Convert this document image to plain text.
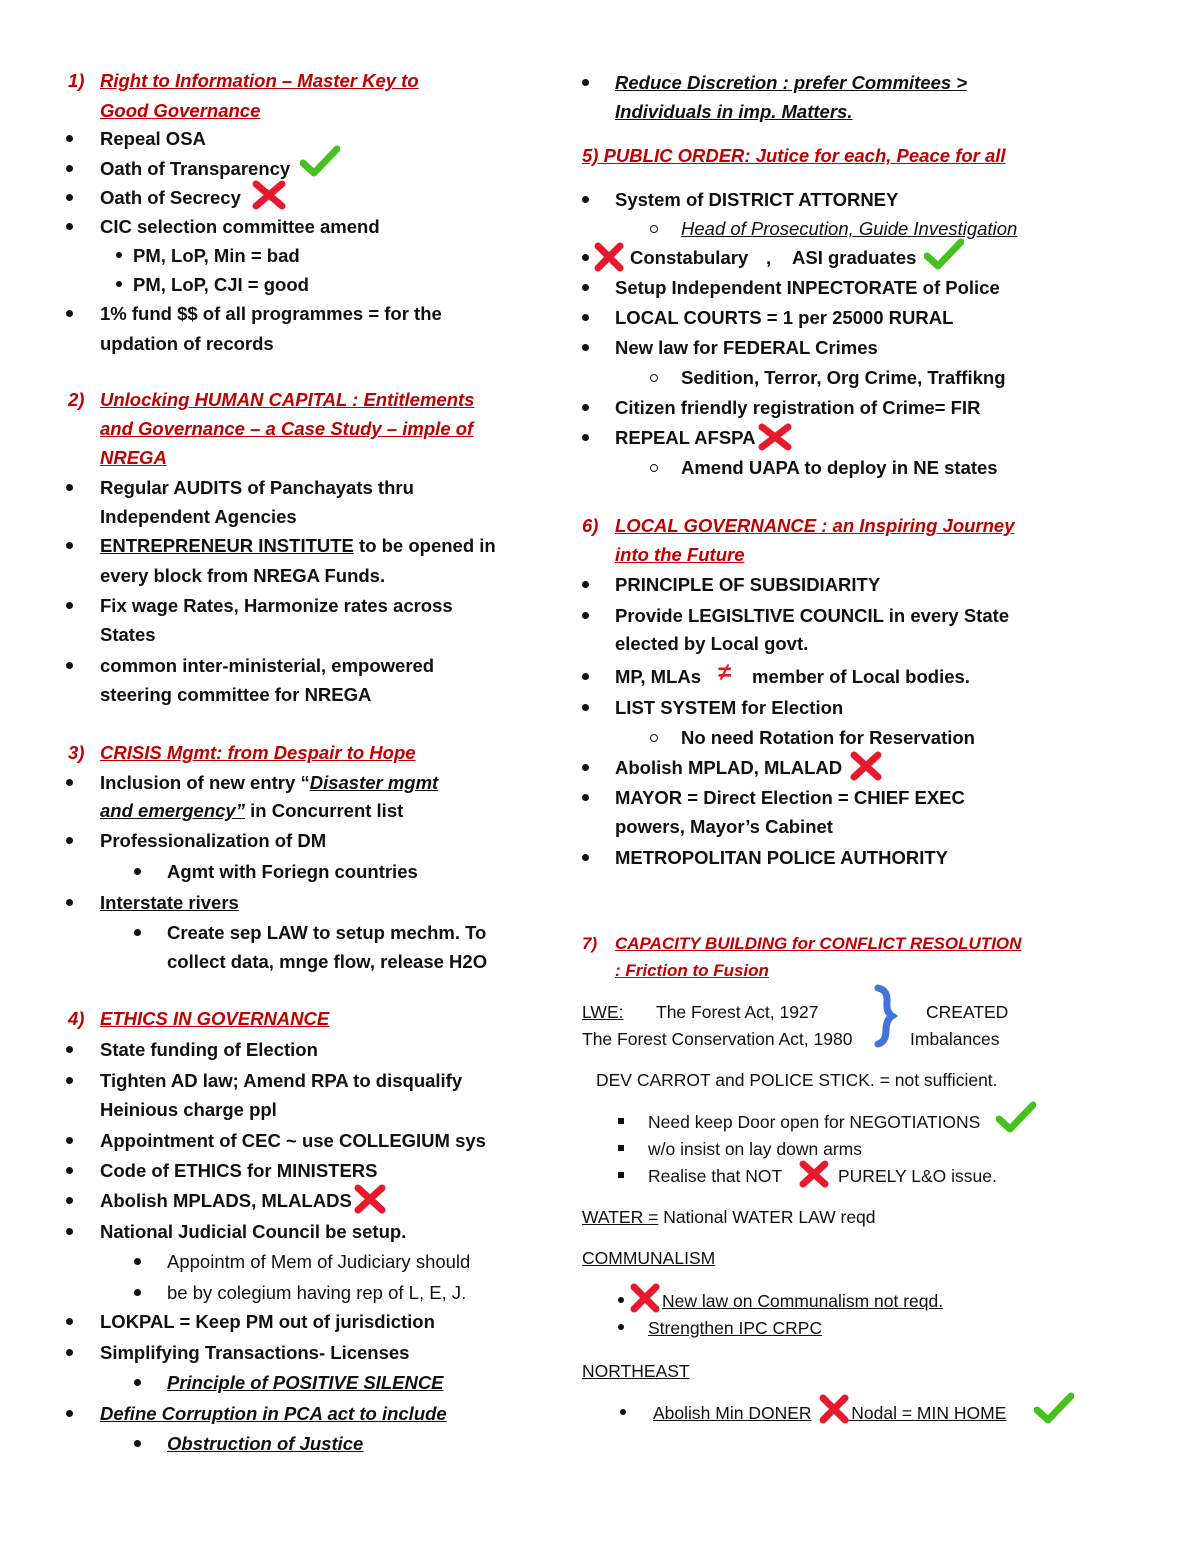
1) Right to Information – Master Key to
Good Governance
Repeal OSA
Oath of Transparency
Oath of Secrecy
CIC selection committee amend
PM, LoP, Min = bad
PM, LoP, CJI = good
1% fund $$ of all programmes = for the
updation of records
2) Unlocking HUMAN CAPITAL : Entitlements
and Governance – a Case Study – imple of
NREGA
Regular AUDITS of Panchayats thru
Independent Agencies
ENTREPRENEUR INSTITUTE to be opened in
every block from NREGA Funds.
Fix wage Rates, Harmonize rates across
States
common inter-ministerial, empowered
steering committee for NREGA
3) CRISIS Mgmt: from Despair to Hope
Inclusion of new entry “Disaster mgmt
and emergency” in Concurrent list
Professionalization of DM
Agmt with Foriegn countries
Interstate rivers
Create sep LAW to setup mechm. To
collect data, mnge flow, release H2O
4) ETHICS IN GOVERNANCE
State funding of Election
Tighten AD law; Amend RPA to disqualify
Heinious charge ppl
Appointment of CEC ~ use COLLEGIUM sys
Code of ETHICS for MINISTERS
Abolish MPLADS, MLALADS
National Judicial Council be setup.
Appointm of Mem of Judiciary should
be by colegium having rep of L, E, J.
LOKPAL = Keep PM out of jurisdiction
Simplifying Transactions- Licenses
Principle of POSITIVE SILENCE
Define Corruption in PCA act to include
Obstruction of Justice
Reduce Discretion : prefer Commitees >
Individuals in imp. Matters.
5) PUBLIC ORDER: Jutice for each, Peace for all
System of DISTRICT ATTORNEY
Head of Prosecution, Guide Investigation
Constabulary , ASI graduates
Setup Independent INPECTORATE of Police
LOCAL COURTS = 1 per 25000 RURAL
New law for FEDERAL Crimes
Sedition, Terror, Org Crime, Traffikng
Citizen friendly registration of Crime= FIR
REPEAL AFSPA
Amend UAPA to deploy in NE states
6) LOCAL GOVERNANCE : an Inspiring Journey
into the Future
PRINCIPLE OF SUBSIDIARITY
Provide LEGISLTIVE COUNCIL in every State
elected by Local govt.
MP, MLAs ≠ member of Local bodies.
LIST SYSTEM for Election
No need Rotation for Reservation
Abolish MPLAD, MLALAD
MAYOR = Direct Election = CHIEF EXEC
powers, Mayor’s Cabinet
METROPOLITAN POLICE AUTHORITY
7) CAPACITY BUILDING for CONFLICT RESOLUTION
: Friction to Fusion
LWE: The Forest Act, 1927
The Forest Conservation Act, 1980
CREATED
Imbalances
DEV CARROT and POLICE STICK. = not sufficient.
Need keep Door open for NEGOTIATIONS
w/o insist on lay down arms
Realise that NOT	PURELY L&O issue.
WATER = National WATER LAW reqd
COMMUNALISM
New law on Communalism not reqd.
Strengthen IPC CRPC
NORTHEAST
Abolish Min DONER , Nodal = MIN HOME
